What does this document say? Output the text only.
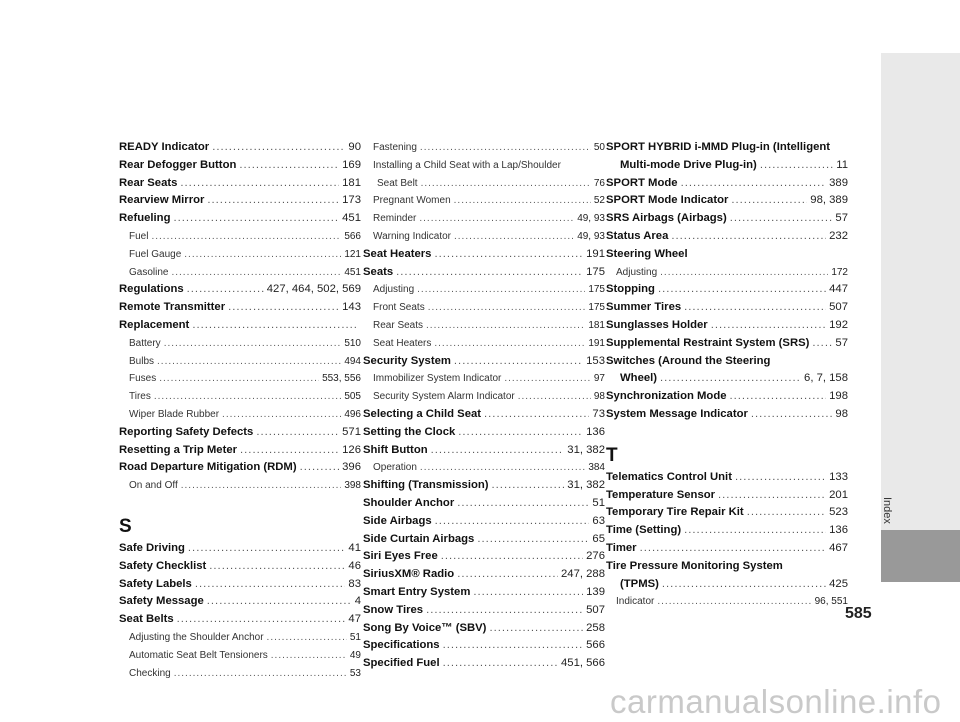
READY Indicator .....	90
Rear Defogger Button .....	169
Rear Seats .....	181
Rearview Mirror .....	173
Refueling .....	451
Fuel .....	566
Fuel Gauge .....	121
Gasoline .....	451
Regulations .....	427, 464, 502, 569
Remote Transmitter .....	143
Replacement
.....
Battery .....	510
Bulbs .....	494
Fuses .....	553, 556
Tires .....	505
Wiper Blade Rubber .....	496
Reporting Safety Defects .....	571
Resetting a Trip Meter .....	126
Road Departure Mitigation (RDM) .....	396
On and Off .....	398
S
Safe Driving .....	41
Safety Checklist .....	46
Safety Labels .....	83
Safety Message .....	4
Seat Belts .....	47
Adjusting the Shoulder Anchor .....	51
Automatic Seat Belt Tensioners .....	49
Checking .....	53
Fastening .....	50
Installing a Child Seat with a Lap/Shoulder
Seat Belt .....	76
Pregnant Women .....	52
Reminder .....	49, 93
Warning Indicator .....	49, 93
Seat Heaters .....	191
Seats .....	175
Adjusting .....	175
Front Seats .....	175
Rear Seats .....	181
Seat Heaters .....	191
Security System .....	153
Immobilizer System Indicator .....	97
Security System Alarm Indicator .....	98
Selecting a Child Seat .....	73
Setting the Clock .....	136
Shift Button .....	31, 382
Operation .....	384
Shifting (Transmission) .....	31, 382
Shoulder Anchor .....	51
Side Airbags .....	63
Side Curtain Airbags .....	65
Siri Eyes Free .....	276
SiriusXM® Radio .....	247, 288
Smart Entry System .....	139
Snow Tires .....	507
Song By Voice™ (SBV) .....	258
Specifications .....	566
Specified Fuel .....	451, 566
SPORT HYBRID i-MMD Plug-in (Intelligent
Multi-mode Drive Plug-in) .....	11
SPORT Mode .....	389
SPORT Mode Indicator .....	98, 389
SRS Airbags (Airbags) .....	57
Status Area .....	232
Steering Wheel
Adjusting .....	172
Stopping .....	447
Summer Tires .....	507
Sunglasses Holder .....	192
Supplemental Restraint System (SRS) ..... 57
Switches (Around the Steering
Wheel) .....	6, 7, 158
Synchronization Mode .....	198
System Message Indicator .....	98
T
Telematics Control Unit .....	133
Temperature Sensor .....	201
Temporary Tire Repair Kit .....	523
Time (Setting) .....	136
Timer .....	467
Tire Pressure Monitoring System
(TPMS) .....	425
Indicator .....	96, 551
Index
585
carmanualsonline.info
